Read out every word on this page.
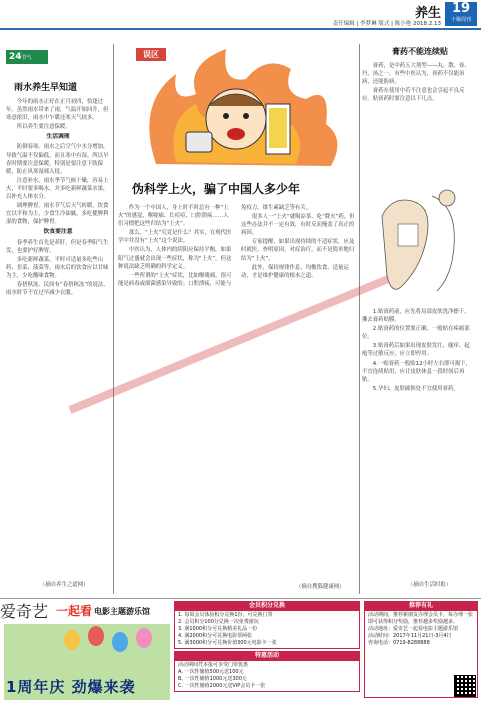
养生
责任编辑 | 李梦琳 版式 | 陈小艳 2018.2.13
19
十堰周刊
24节气
雨水养生早知道

今年的雨水正好在正月初四，恰逢过年。虽然雨水带来了雨，气温开始回升，但寒意依旧，雨水中乍暖还寒天气较多。

所以养生要注意保暖。

生活调理

防倒春寒。雨水之后空气中水分增加，导致气温不仅偏低，而且寒中有湿。所以早春时期要注意保暖，特别是要注意下肢保暖，防止风寒湿邪入侵。

注意补水。雨水季节气候干燥，容易上火，平时要多喝水，并多吃新鲜蔬菜水果，以补充人体水分。

调理脾胃。雨水节气后天气转暖，饮食宜以平和为主，少食生冷油腻，多吃健脾利湿的食物，保护脾胃。

饮食要注意

春季养生首先是养肝，但是春季阳气生发，也要护好脾胃。

多吃新鲜蔬菜，平时可适量多吃些山药、韭菜、菠菜等。雨水后的饮食应以甘味为主，少吃酸味食物。

春捂秋冻。民间有“春捂秋冻”的说法，雨水时节不宜过早减少衣服。

（摘自养生之道网）
误区
伪科学上火，骗了中国人多少年

作为一个中国人，身上时不时总有一种“上火”的感觉，喉咙痛、长痘痘、口腔溃疡……人们习惯把这些归结为“上火”。

那么，“上火”究竟是什么？其实，在现代医学中并没有“上火”这个说法。

中医认为，人体内的阴阳应保持平衡，如果阳气过盛就会出现一些症状，称为“上火”。但这种说法缺乏明确的科学定义。

一些所谓的“上火”症状，比如喉咙痛，很可能是病毒或细菌感染导致的；口腔溃疡，可能与免疫力、维生素缺乏等有关。

很多人一“上火”就喝凉茶、吃“降火”药，但这些办法并不一定有效，有时反而掩盖了真正的病因。

专家提醒，如果出现持续的不适症状，应及时就医，查明原因，对症治疗，而不是简单地归结为“上火”。

此外，保持规律作息、均衡饮食、适量运动，才是维护健康的根本之道。

（摘自搜狐健康网）
膏药不能连续贴

膏药，是中药五大剂型——丸、散、膏、丹、汤之一，有些中医认为，膏药不仅能治病，还能防病。

膏药在使用中若不注意也会引起不良反应。贴膏药时要注意以下几点。

1.贴膏药前，应先将局部皮肤洗净擦干，撕去膏药贴膜。

2.贴膏药的位置要正确，一般贴在疼痛部位。

3.贴膏药后如果出现皮肤发红、瘙痒、起疱等过敏反应，应立即停用。

4.一贴膏药一般贴12小时左右即可揭下，不宜连续贴用，应让皮肤休息一段时间后再贴。

5.孕妇、皮肤破损处不宜使用膏药。

（摘自生活时报）
爱奇艺 一起看 电影主题游乐馆
1周年庆 劲爆来袭
会员积分兑换
1. 每周会员体验积分兑换1份，可兑换门票
2. 会员积分100分兑换一次免费游玩
3. 满1000积分可兑换精美礼品一份
4. 满2000积分可兑换电影票两张
5. 满3000积分可兑换价值300元电影卡一张
特惠活动
活动期间凭本报可享受门票优惠
A. 一次性储值500元送100元
B. 一次性储值1000元送300元
C. 一次性储值2000元送VIP会员卡一张
推荐有礼
活动期间，推荐新朋友办理会员卡，每办理一张即可获得积分奖励，推荐越多奖励越多。
活动地址：爱奇艺一起看电影主题游乐馆
活动时间：2017年11月21日-3月4日
咨询电话：0719-8288888
